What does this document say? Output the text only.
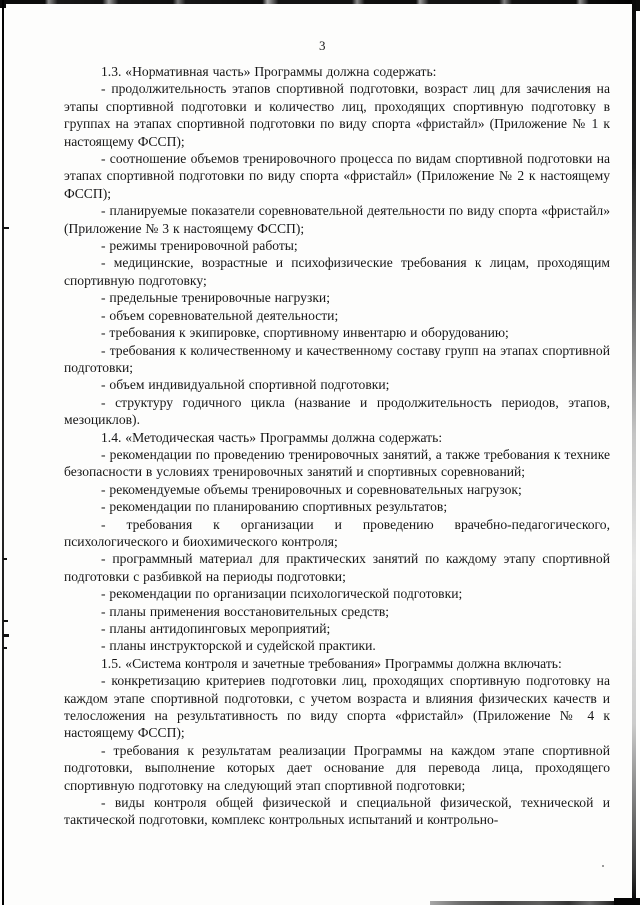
3

1.3. «Нормативная часть» Программы должна содержать:

- продолжительность этапов спортивной подготовки, возраст лиц для зачисления на этапы спортивной подготовки и количество лиц, проходящих спортивную подготовку в группах на этапах спортивной подготовки по виду спорта «фристайл» (Приложение № 1 к настоящему ФССП);

- соотношение объемов тренировочного процесса по видам спортивной подготовки на этапах спортивной подготовки по виду спорта «фристайл» (Приложение № 2 к настоящему ФССП);

- планируемые показатели соревновательной деятельности по виду спорта «фристайл» (Приложение № 3 к настоящему ФССП);

- режимы тренировочной работы;

- медицинские, возрастные и психофизические требования к лицам, проходящим спортивную подготовку;

- предельные тренировочные нагрузки;

- объем соревновательной деятельности;

- требования к экипировке, спортивному инвентарю и оборудованию;

- требования к количественному и качественному составу групп на этапах спортивной подготовки;

- объем индивидуальной спортивной подготовки;

- структуру годичного цикла (название и продолжительность периодов, этапов, мезоциклов).

1.4. «Методическая часть» Программы должна содержать:

- рекомендации по проведению тренировочных занятий, а также требования к технике безопасности в условиях тренировочных занятий и спортивных соревнований;

- рекомендуемые объемы тренировочных и соревновательных нагрузок;

- рекомендации по планированию спортивных результатов;

- требования к организации и проведению врачебно-педагогического, психологического и биохимического контроля;

- программный материал для практических занятий по каждому этапу спортивной подготовки с разбивкой на периоды подготовки;

- рекомендации по организации психологической подготовки;

- планы применения восстановительных средств;

- планы антидопинговых мероприятий;

- планы инструкторской и судейской практики.

1.5. «Система контроля и зачетные требования» Программы должна включать:

- конкретизацию критериев подготовки лиц, проходящих спортивную подготовку на каждом этапе спортивной подготовки, с учетом возраста и влияния физических качеств и телосложения на результативность по виду спорта «фристайл» (Приложение № 4 к настоящему ФССП);

- требования к результатам реализации Программы на каждом этапе спортивной подготовки, выполнение которых дает основание для перевода лица, проходящего спортивную подготовку на следующий этап спортивной подготовки;

- виды контроля общей физической и специальной физической, технической и тактической подготовки, комплекс контрольных испытаний и контрольно-
